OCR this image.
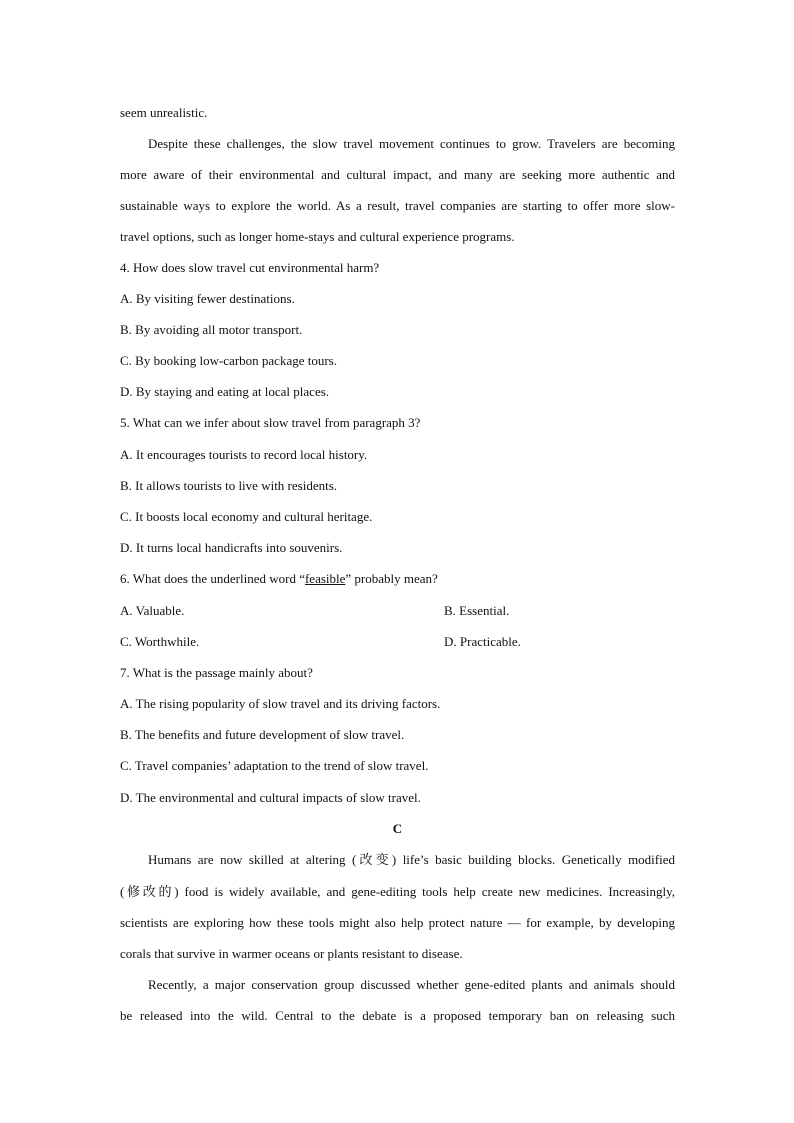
seem unrealistic.
Despite these challenges, the slow travel movement continues to grow. Travelers are becoming
more aware of their environmental and cultural impact, and many are seeking more authentic and
sustainable ways to explore the world. As a result, travel companies are starting to offer more slow-
travel options, such as longer home-stays and cultural experience programs.
4. How does slow travel cut environmental harm?
A. By visiting fewer destinations.
B. By avoiding all motor transport.
C. By booking low-carbon package tours.
D. By staying and eating at local places.
5. What can we infer about slow travel from paragraph 3?
A. It encourages tourists to record local history.
B. It allows tourists to live with residents.
C. It boosts local economy and cultural heritage.
D. It turns local handicrafts into souvenirs.
6. What does the underlined word “feasible” probably mean?
A. Valuable.	B. Essential.
C. Worthwhile.	D. Practicable.
7. What is the passage mainly about?
A. The rising popularity of slow travel and its driving factors.
B. The benefits and future development of slow travel.
C. Travel companies’ adaptation to the trend of slow travel.
D. The environmental and cultural impacts of slow travel.
C
Humans are now skilled at altering (改变) life’s basic building blocks. Genetically modified
(修改的) food is widely available, and gene-editing tools help create new medicines. Increasingly,
scientists are exploring how these tools might also help protect nature — for example, by developing
corals that survive in warmer oceans or plants resistant to disease.
Recently, a major conservation group discussed whether gene-edited plants and animals should
be released into the wild. Central to the debate is a proposed temporary ban on releasing such
